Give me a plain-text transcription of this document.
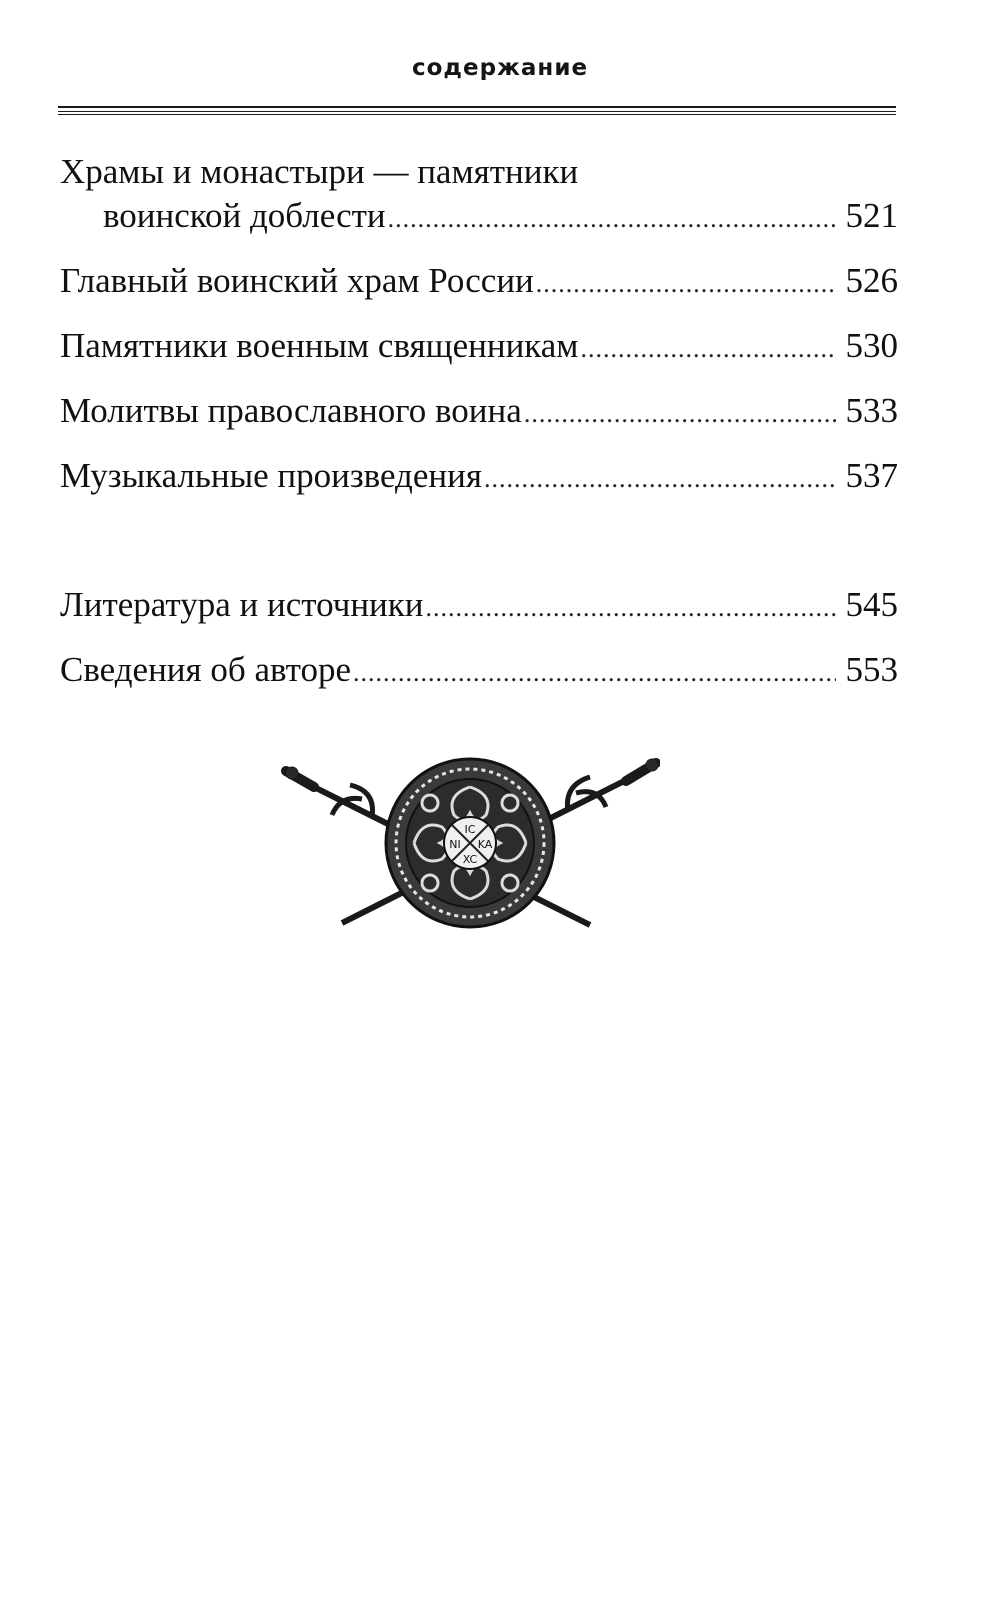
содержание
Храмы и монастыри — памятники
воинской доблести .....	521
Главный воинский храм России .....	526
Памятники военным священникам .....	530
Молитвы православного воина .....	533
Музыкальные произведения .....	537
Литература и источники .....	545
Сведения об авторе .....	553
IC
XC
NI KA
